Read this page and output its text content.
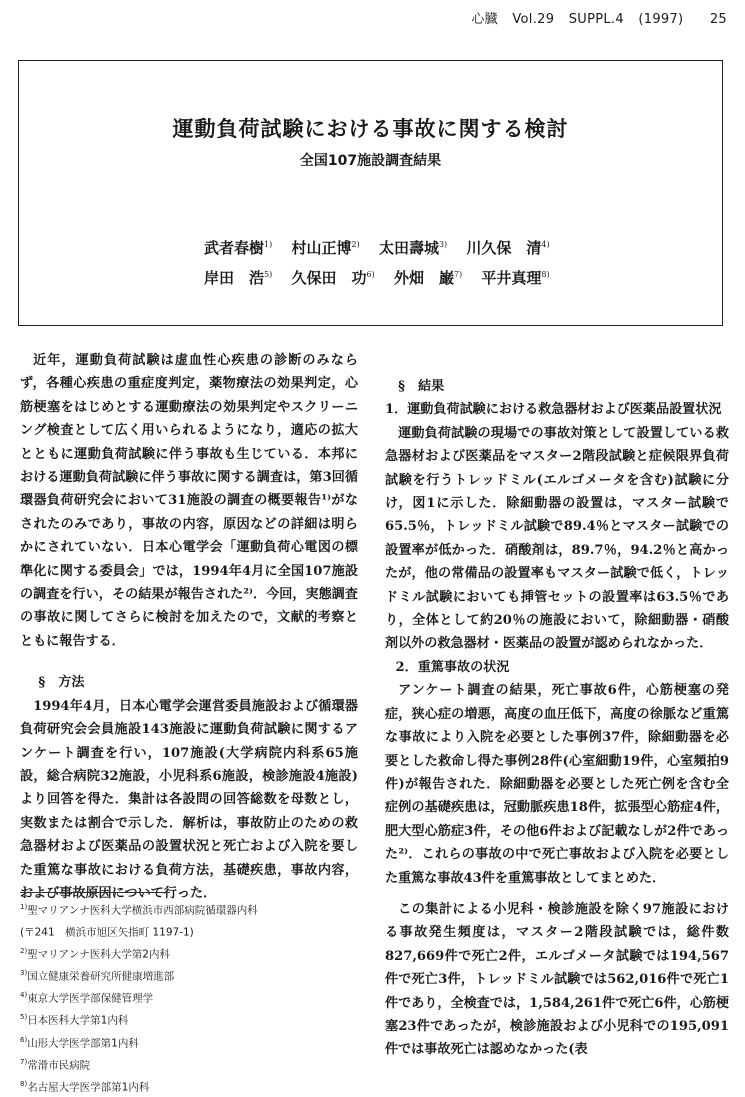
心臓 Vol.29 SUPPL.4 (1997) 25
運動負荷試験における事故に関する検討
全国107施設調査結果
武者春樹$^{1)}$ 村山正博$^{2)}$ 太田壽城$^{3)}$ 川久保　清$^{4)}$
岸田　浩$^{5)}$ 久保田　功$^{6)}$ 外畑　巌$^{7)}$ 平井真理$^{8)}$

近年，運動負荷試験は虚血性心疾患の診断のみならず，各種心疾患の重症度判定，薬物療法の効果判定，心筋梗塞をはじめとする運動療法の効果判定やスクリーニング検査として広く用いられるようになり，適応の拡大とともに運動負荷試験に伴う事故も生じている．本邦における運動負荷試験に伴う事故に関する調査は，第3回循環器負荷研究会において31施設の調査の概要報告¹⁾がなされたのみであり，事故の内容，原因などの詳細は明らかにされていない．日本心電学会「運動負荷心電図の標準化に関する委員会」では，1994年4月に全国107施設の調査を行い，その結果が報告された²⁾．今回，実態調査の事故に関してさらに検討を加えたので，文献的考察とともに報告する．

§　方法

1994年4月，日本心電学会運営委員施設および循環器負荷研究会会員施設143施設に運動負荷試験に関するアンケート調査を行い，107施設(大学病院内科系65施設，総合病院32施設，小児科系6施設，検診施設4施設)より回答を得た．集計は各設問の回答総数を母数とし，実数または割合で示した．解析は，事故防止のための救急器材および医薬品の設置状況と死亡および入院を要した重篤な事故における負荷方法，基礎疾患，事故内容，および事故原因について行った．

$^{1)}$聖マリアンナ医科大学横浜市西部病院循環器内科
(〒241　横浜市旭区矢指町 1197-1)
$^{2)}$聖マリアンナ医科大学第2内科
$^{3)}$国立健康栄養研究所健康増進部
$^{4)}$東京大学医学部保健管理学
$^{5)}$日本医科大学第1内科
$^{6)}$山形大学医学部第1内科
$^{7)}$常滑市民病院
$^{8)}$名古屋大学医学部第1内科

§　結果

1．運動負荷試験における救急器材および医薬品設置状況

運動負荷試験の現場での事故対策として設置している救急器材および医薬品をマスター2階段試験と症候限界負荷試験を行うトレッドミル(エルゴメータを含む)試験に分け，図1に示した．除細動器の設置は，マスター試験で65.5％，トレッドミル試験で89.4％とマスター試験での設置率が低かった．硝酸剤は，89.7％，94.2％と高かったが，他の常備品の設置率もマスター試験で低く，トレッドミル試験においても挿管セットの設置率は63.5％であり，全体として約20％の施設において，除細動器・硝酸剤以外の救急器材・医薬品の設置が認められなかった．

2．重篤事故の状況

アンケート調査の結果，死亡事故6件，心筋梗塞の発症，狭心症の増悪，高度の血圧低下，高度の徐脈など重篤な事故により入院を必要とした事例37件，除細動器を必要とした救命し得た事例28件(心室細動19件，心室頻拍9件)が報告された．除細動器を必要とした死亡例を含む全症例の基礎疾患は，冠動脈疾患18件，拡張型心筋症4件，肥大型心筋症3件，その他6件および記載なしが2件であった²⁾．これらの事故の中で死亡事故および入院を必要とした重篤な事故43件を重篤事故としてまとめた．

この集計による小児科・検診施設を除く97施設における事故発生頻度は，マスター2階段試験では，総件数827,669件で死亡2件，エルゴメータ試験では194,567件で死亡3件，トレッドミル試験では562,016件で死亡1件であり，全検査では，1,584,261件で死亡6件，心筋梗塞23件であったが，検診施設および小児科での195,091件では事故死亡は認めなかった(表
